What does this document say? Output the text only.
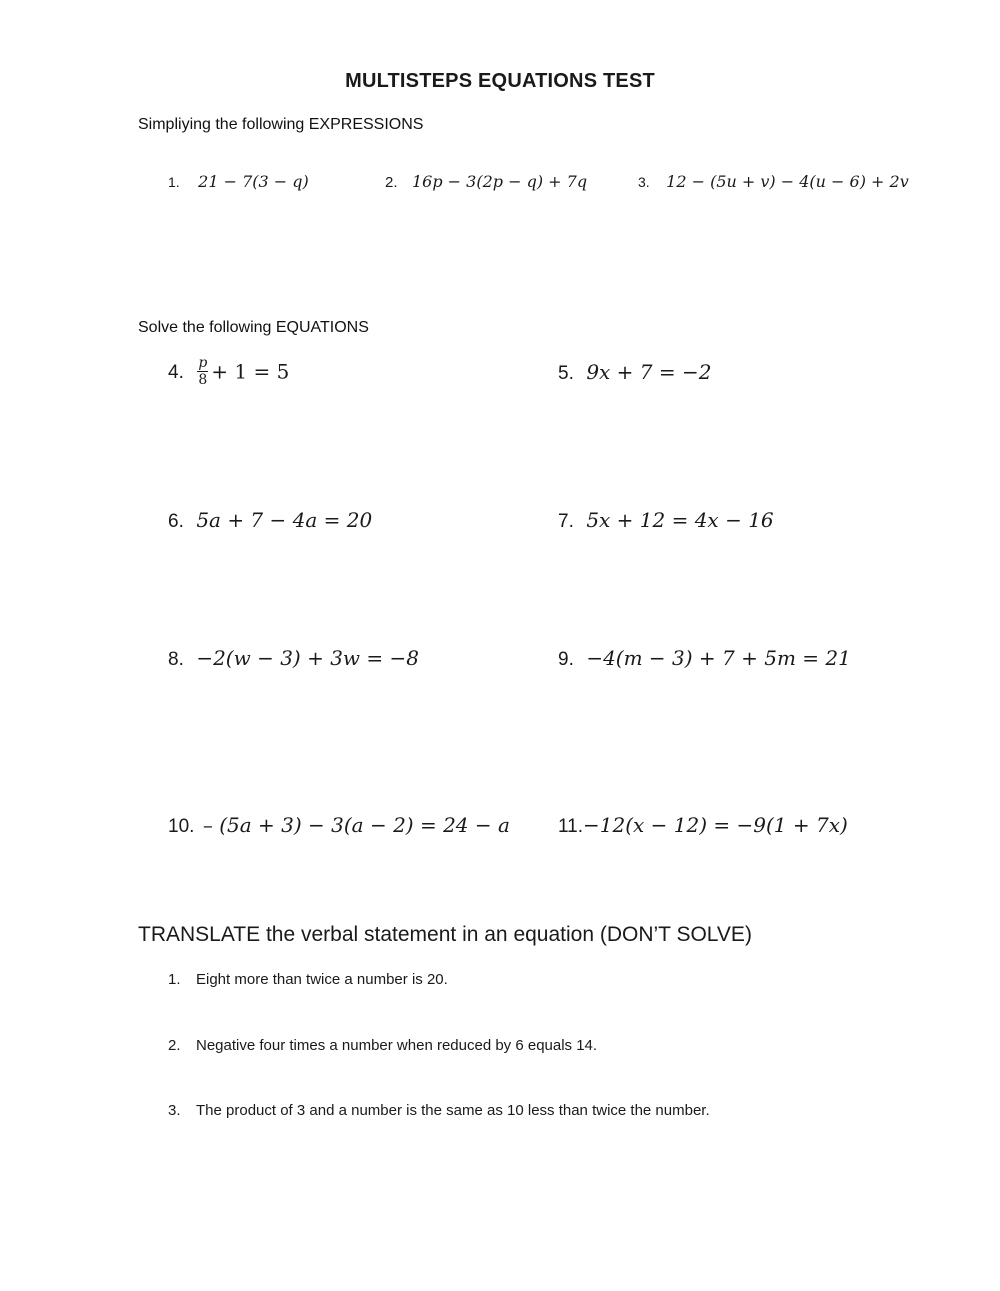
MULTISTEPS EQUATIONS TEST
Simpliying the following EXPRESSIONS
1. 21 − 7(3 − q)	2. 16p − 3(2p − q) + 7q	3. 12 − (5u + v) − 4(u − 6) + 2v
Solve the following EQUATIONS
4. $\frac{p}{8} + 1 = 5$	5. 9x + 7 = −2
6. 5a + 7 − 4a = 20	7. 5x + 12 = 4x − 16
8. −2(w − 3) + 3w = −8	9. −4(m − 3) + 7 + 5m = 21
10. – (5a + 3) − 3(a − 2) = 24 − a	11.−12(x − 12) = −9(1 + 7x)
TRANSLATE the verbal statement in an equation (DON’T SOLVE)
1. Eight more than twice a number is 20.
2. Negative four times a number when reduced by 6 equals 14.
3. The product of 3 and a number is the same as 10 less than twice the number.
